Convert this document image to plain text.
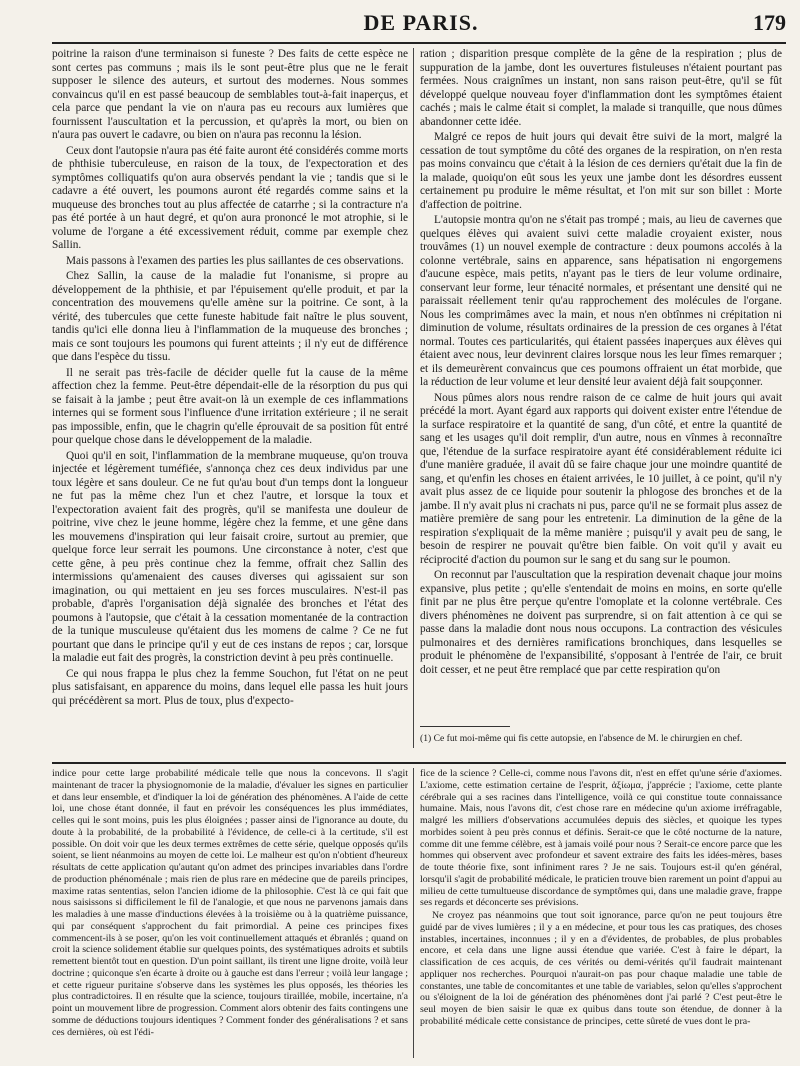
DE PARIS.	179

poitrine la raison d'une terminaison si funeste ? Des faits de cette espèce ne sont certes pas communs ; mais ils le sont peut-être plus que ne le ferait supposer le silence des auteurs, et surtout des modernes. Nous sommes convaincus qu'il en est passé beaucoup de semblables tout-à-fait inaperçus, et cela parce que pendant la vie on n'aura pas eu recours aux lumières que fournissent l'auscultation et la percussion, et qu'après la mort, ou bien on n'aura pas ouvert le cadavre, ou bien on n'aura pas reconnu la lésion.

Ceux dont l'autopsie n'aura pas été faite auront été considérés comme morts de phthisie tuberculeuse, en raison de la toux, de l'expectoration et des symptômes colliquatifs qu'on aura observés pendant la vie ; tandis que si le cadavre a été ouvert, les poumons auront été regardés comme sains et la muqueuse des bronches tout au plus affectée de catarrhe ; si la contracture n'a pas été portée à un haut degré, et qu'on aura prononcé le mot atrophie, si le volume de l'organe a été excessivement réduit, comme par exemple chez Sallin.

Mais passons à l'examen des parties les plus saillantes de ces observations.

Chez Sallin, la cause de la maladie fut l'onanisme, si propre au développement de la phthisie, et par l'épuisement qu'elle produit, et par la concentration des mouvemens qu'elle amène sur la poitrine. Ce sont, à la vérité, des tubercules que cette funeste habitude fait naître le plus souvent, tandis qu'ici elle donna lieu à l'inflammation de la muqueuse des bronches ; mais ce sont toujours les poumons qui furent atteints ; il n'y eut de différence que dans l'espèce du tissu.

Il ne serait pas très-facile de décider quelle fut la cause de la même affection chez la femme. Peut-être dépendait-elle de la résorption du pus qui se faisait à la jambe ; peut être avait-on là un exemple de ces inflammations internes qui se forment sous l'influence d'une irritation extérieure ; il ne serait pas impossible, enfin, que le chagrin qu'elle éprouvait de sa position fût entré pour quelque chose dans le développement de la maladie.

Quoi qu'il en soit, l'inflammation de la membrane muqueuse, qu'on trouva injectée et légèrement tuméfiée, s'annonça chez ces deux individus par une toux légère et sans douleur. Ce ne fut qu'au bout d'un temps dont la longueur ne fut pas la même chez l'un et chez l'autre, et lorsque la toux et l'expectoration avaient fait des progrès, qu'il se manifesta une douleur de poitrine, vive chez le jeune homme, légère chez la femme, et une gêne dans les mouvemens d'inspiration qui leur faisait croire, surtout au premier, que quelque force leur serrait les poumons. Une circonstance à noter, c'est que cette gêne, à peu près continue chez la femme, offrait chez Sallin des intermissions qu'amenaient des causes diverses qui agissaient sur son imagination, ou qui mettaient en jeu ses forces musculaires. N'est-il pas probable, d'après l'organisation déjà signalée des bronches et l'état des poumons à l'autopsie, que c'était à la cessation momentanée de la contraction de la tunique musculeuse qu'étaient dus les momens de calme ? Ce ne fut pourtant que dans le principe qu'il y eut de ces instans de repos ; car, lorsque la maladie eut fait des progrès, la constriction devint à peu près continuelle.

Ce qui nous frappa le plus chez la femme Souchon, fut l'état on ne peut plus satisfaisant, en apparence du moins, dans lequel elle passa les huit jours qui précédèrent sa mort. Plus de toux, plus d'expecto-

ration ; disparition presque complète de la gêne de la respiration ; plus de suppuration de la jambe, dont les ouvertures fistuleuses n'étaient pourtant pas fermées. Nous craignîmes un instant, non sans raison peut-être, qu'il se fût développé quelque nouveau foyer d'inflammation dont les symptômes étaient cachés ; mais le calme était si complet, la malade si tranquille, que nous dûmes abandonner cette idée.

Malgré ce repos de huit jours qui devait être suivi de la mort, malgré la cessation de tout symptôme du côté des organes de la respiration, on n'en resta pas moins convaincu que c'était à la lésion de ces derniers qu'était due la fin de la malade, quoiqu'on eût sous les yeux une jambe dont les désordres eussent certainement pu produire le même résultat, et l'on mit sur son billet : Morte d'affection de poitrine.

L'autopsie montra qu'on ne s'était pas trompé ; mais, au lieu de cavernes que quelques élèves qui avaient suivi cette maladie croyaient exister, nous trouvâmes (1) un nouvel exemple de contracture : deux poumons accolés à la colonne vertébrale, sains en apparence, sans hépatisation ni engorgemens d'aucune espèce, mais petits, n'ayant pas le tiers de leur volume ordinaire, conservant leur forme, leur ténacité normales, et présentant une densité qui ne paraissait réellement tenir qu'au rapprochement des molécules de l'organe. Nous les comprimâmes avec la main, et nous n'en obtînmes ni crépitation ni diminution de volume, résultats ordinaires de la pression de ces organes à l'état normal. Toutes ces particularités, qui étaient passées inaperçues aux élèves qui étaient avec nous, leur devinrent claires lorsque nous les leur fîmes remarquer ; et ils demeurèrent convaincus que ces poumons offraient un état morbide, que la réduction de leur volume et leur densité leur avaient déjà fait soupçonner.

Nous pûmes alors nous rendre raison de ce calme de huit jours qui avait précédé la mort. Ayant égard aux rapports qui doivent exister entre l'étendue de la surface respiratoire et la quantité de sang, d'un côté, et entre la quantité de sang et les usages qu'il doit remplir, d'un autre, nous en vînmes à reconnaître que, l'étendue de la surface respiratoire ayant été considérablement réduite ici d'une manière graduée, il avait dû se faire chaque jour une moindre quantité de sang, et qu'enfin les choses en étaient arrivées, le 10 juillet, à ce point, qu'il n'y avait plus assez de ce liquide pour soutenir la phlogose des bronches et de la jambe. Il n'y avait plus ni crachats ni pus, parce qu'il ne se formait plus assez de matière première de sang pour les entretenir. La diminution de la gêne de la respiration s'expliquait de la même manière ; puisqu'il y avait peu de sang, le besoin de respirer ne pouvait qu'être bien faible. On voit qu'il y avait eu réciprocité d'action du poumon sur le sang et du sang sur le poumon.

On reconnut par l'auscultation que la respiration devenait chaque jour moins expansive, plus petite ; qu'elle s'entendait de moins en moins, en sorte qu'elle finit par ne plus être perçue qu'entre l'omoplate et la colonne vertébrale. Ces divers phénomènes ne doivent pas surprendre, si on fait attention à ce qui se passe dans la maladie dont nous nous occupons. La contraction des vésicules pulmonaires et des dernières ramifications bronchiques, dans lesquelles se produit le phénomène de l'expansibilité, s'opposant à l'entrée de l'air, ce bruit doit cesser, et ne peut être remplacé que par cette respiration qu'on

(1) Ce fut moi-même qui fis cette autopsie, en l'absence de M. le chirurgien en chef.

indice pour cette large probabilité médicale telle que nous la concevons. Il s'agit maintenant de tracer la physiognomonie de la maladie, d'évaluer les signes en particulier et dans leur ensemble, et d'indiquer la loi de génération des phénomènes. A l'aide de cette loi, une chose étant donnée, il faut en prévoir les conséquences les plus immédiates, celles qui le sont moins, puis les plus éloignées ; passer ainsi de l'ignorance au doute, du doute à la probabilité, de la probabilité à l'évidence, de celle-ci à la certitude, s'il est possible. On doit voir que les deux termes extrêmes de cette série, quelque opposés qu'ils soient, se lient néanmoins au moyen de cette loi. Le malheur est qu'on n'obtient d'heureux résultats de cette application qu'autant qu'on admet des principes invariables dans l'ordre de production phénoménale ; mais rien de plus rare en médecine que de pareils principes, maxime ratas sententias, selon l'ancien idiome de la philosophie. C'est là ce qui fait que nous saisissons si difficilement le fil de l'analogie, et que nous ne parvenons jamais dans les maladies à une masse d'inductions élevées à la troisième ou à la quatrième puissance, qui par conséquent s'approchent du fait primordial. A peine ces principes fixes commencent-ils à se poser, qu'on les voit continuellement attaqués et ébranlés ; quand on croit la science solidement établie sur quelques points, des systématiques adroits et subtils remettent bientôt tout en question. D'un point saillant, ils tirent une ligne droite, voilà leur doctrine ; quiconque s'en écarte à droite ou à gauche est dans l'erreur ; voilà leur langage ; et cette rigueur puritaine s'observe dans les systèmes les plus opposés, les théories les plus contradictoires. Il en résulte que la science, toujours tiraillée, mobile, incertaine, n'a point un mouvement libre de progression. Comment alors obtenir des faits contingens une somme de déductions toujours identiques ? Comment fonder des généralisations ? et sans ces dernières, où est l'édi-

fice de la science ? Celle-ci, comme nous l'avons dit, n'est en effet qu'une série d'axiomes. L'axiome, cette estimation certaine de l'esprit, ἀξίωμα, j'apprécie ; l'axiome, cette plante cérébrale qui a ses racines dans l'intelligence, voilà ce qui constitue toute connaissance humaine. Mais, nous l'avons dit, c'est chose rare en médecine qu'un axiome irréfragable, malgré les milliers d'observations accumulées depuis des siècles, et quoique les types morbides soient à peu près connus et définis. Serait-ce que le côté nocturne de la nature, comme dit une femme célèbre, est à jamais voilé pour nous ? Serait-ce encore parce que les hommes qui observent avec profondeur et savent extraire des faits les idées-mères, bases de toute théorie fixe, sont infiniment rares ? Je ne sais. Toujours est-il qu'en général, lorsqu'il s'agit de probabilité médicale, le praticien trouve bien rarement un point d'appui au milieu de cette tumultueuse discordance de symptômes qui, dans une maladie grave, frappe ses regards et déconcerte ses prévisions.

Ne croyez pas néanmoins que tout soit ignorance, parce qu'on ne peut toujours être guidé par de vives lumières ; il y a en médecine, et pour tous les cas pratiques, des choses instables, incertaines, inconnues ; il y en a d'évidentes, de probables, de plus probables encore, et cela dans une ligne aussi étendue que variée. C'est à faire le départ, la classification de ces acquis, de ces vérités ou demi-vérités qu'il faudrait maintenant appliquer nos recherches. Pourquoi n'aurait-on pas pour chaque maladie une table de constantes, une table de concomitantes et une table de variables, selon qu'elles s'approchent ou s'éloignent de la loi de génération des phénomènes dont j'ai parlé ? C'est peut-être le seul moyen de bien saisir le quæ ex quibus dans toute son étendue, de donner à la probabilité médicale cette consistance de principes, cette sûreté de vues dont le pra-
